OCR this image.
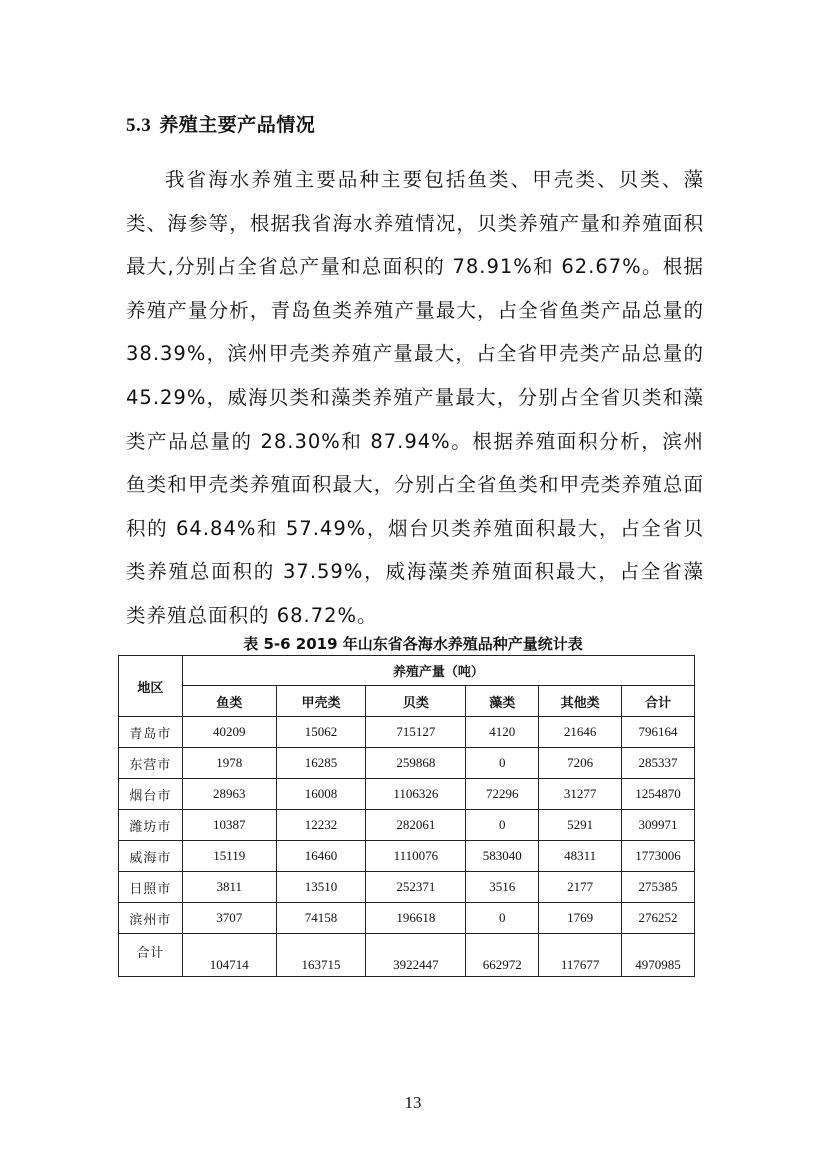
5.3 养殖主要产品情况
我省海水养殖主要品种主要包括鱼类、甲壳类、贝类、藻类、海参等，根据我省海水养殖情况，贝类养殖产量和养殖面积最大,分别占全省总产量和总面积的 78.91%和 62.67%。根据养殖产量分析，青岛鱼类养殖产量最大，占全省鱼类产品总量的 38.39%，滨州甲壳类养殖产量最大，占全省甲壳类产品总量的 45.29%，威海贝类和藻类养殖产量最大，分别占全省贝类和藻类产品总量的 28.30%和 87.94%。根据养殖面积分析，滨州鱼类和甲壳类养殖面积最大，分别占全省鱼类和甲壳类养殖总面积的 64.84%和 57.49%，烟台贝类养殖面积最大，占全省贝类养殖总面积的 37.59%，威海藻类养殖面积最大，占全省藻类养殖总面积的 68.72%。
表 5-6 2019 年山东省各海水养殖品种产量统计表
地区	养殖产量（吨）					
	鱼类	甲壳类	贝类	藻类	其他类	合计
青岛市	40209	15062	715127	4120	21646	796164
东营市	1978	16285	259868	0	7206	285337
烟台市	28963	16008	1106326	72296	31277	1254870
潍坊市	10387	12232	282061	0	5291	309971
威海市	15119	16460	1110076	583040	48311	1773006
日照市	3811	13510	252371	3516	2177	275385
滨州市	3707	74158	196618	0	1769	276252
合计	104714	163715	3922447	662972	117677	4970985
13
